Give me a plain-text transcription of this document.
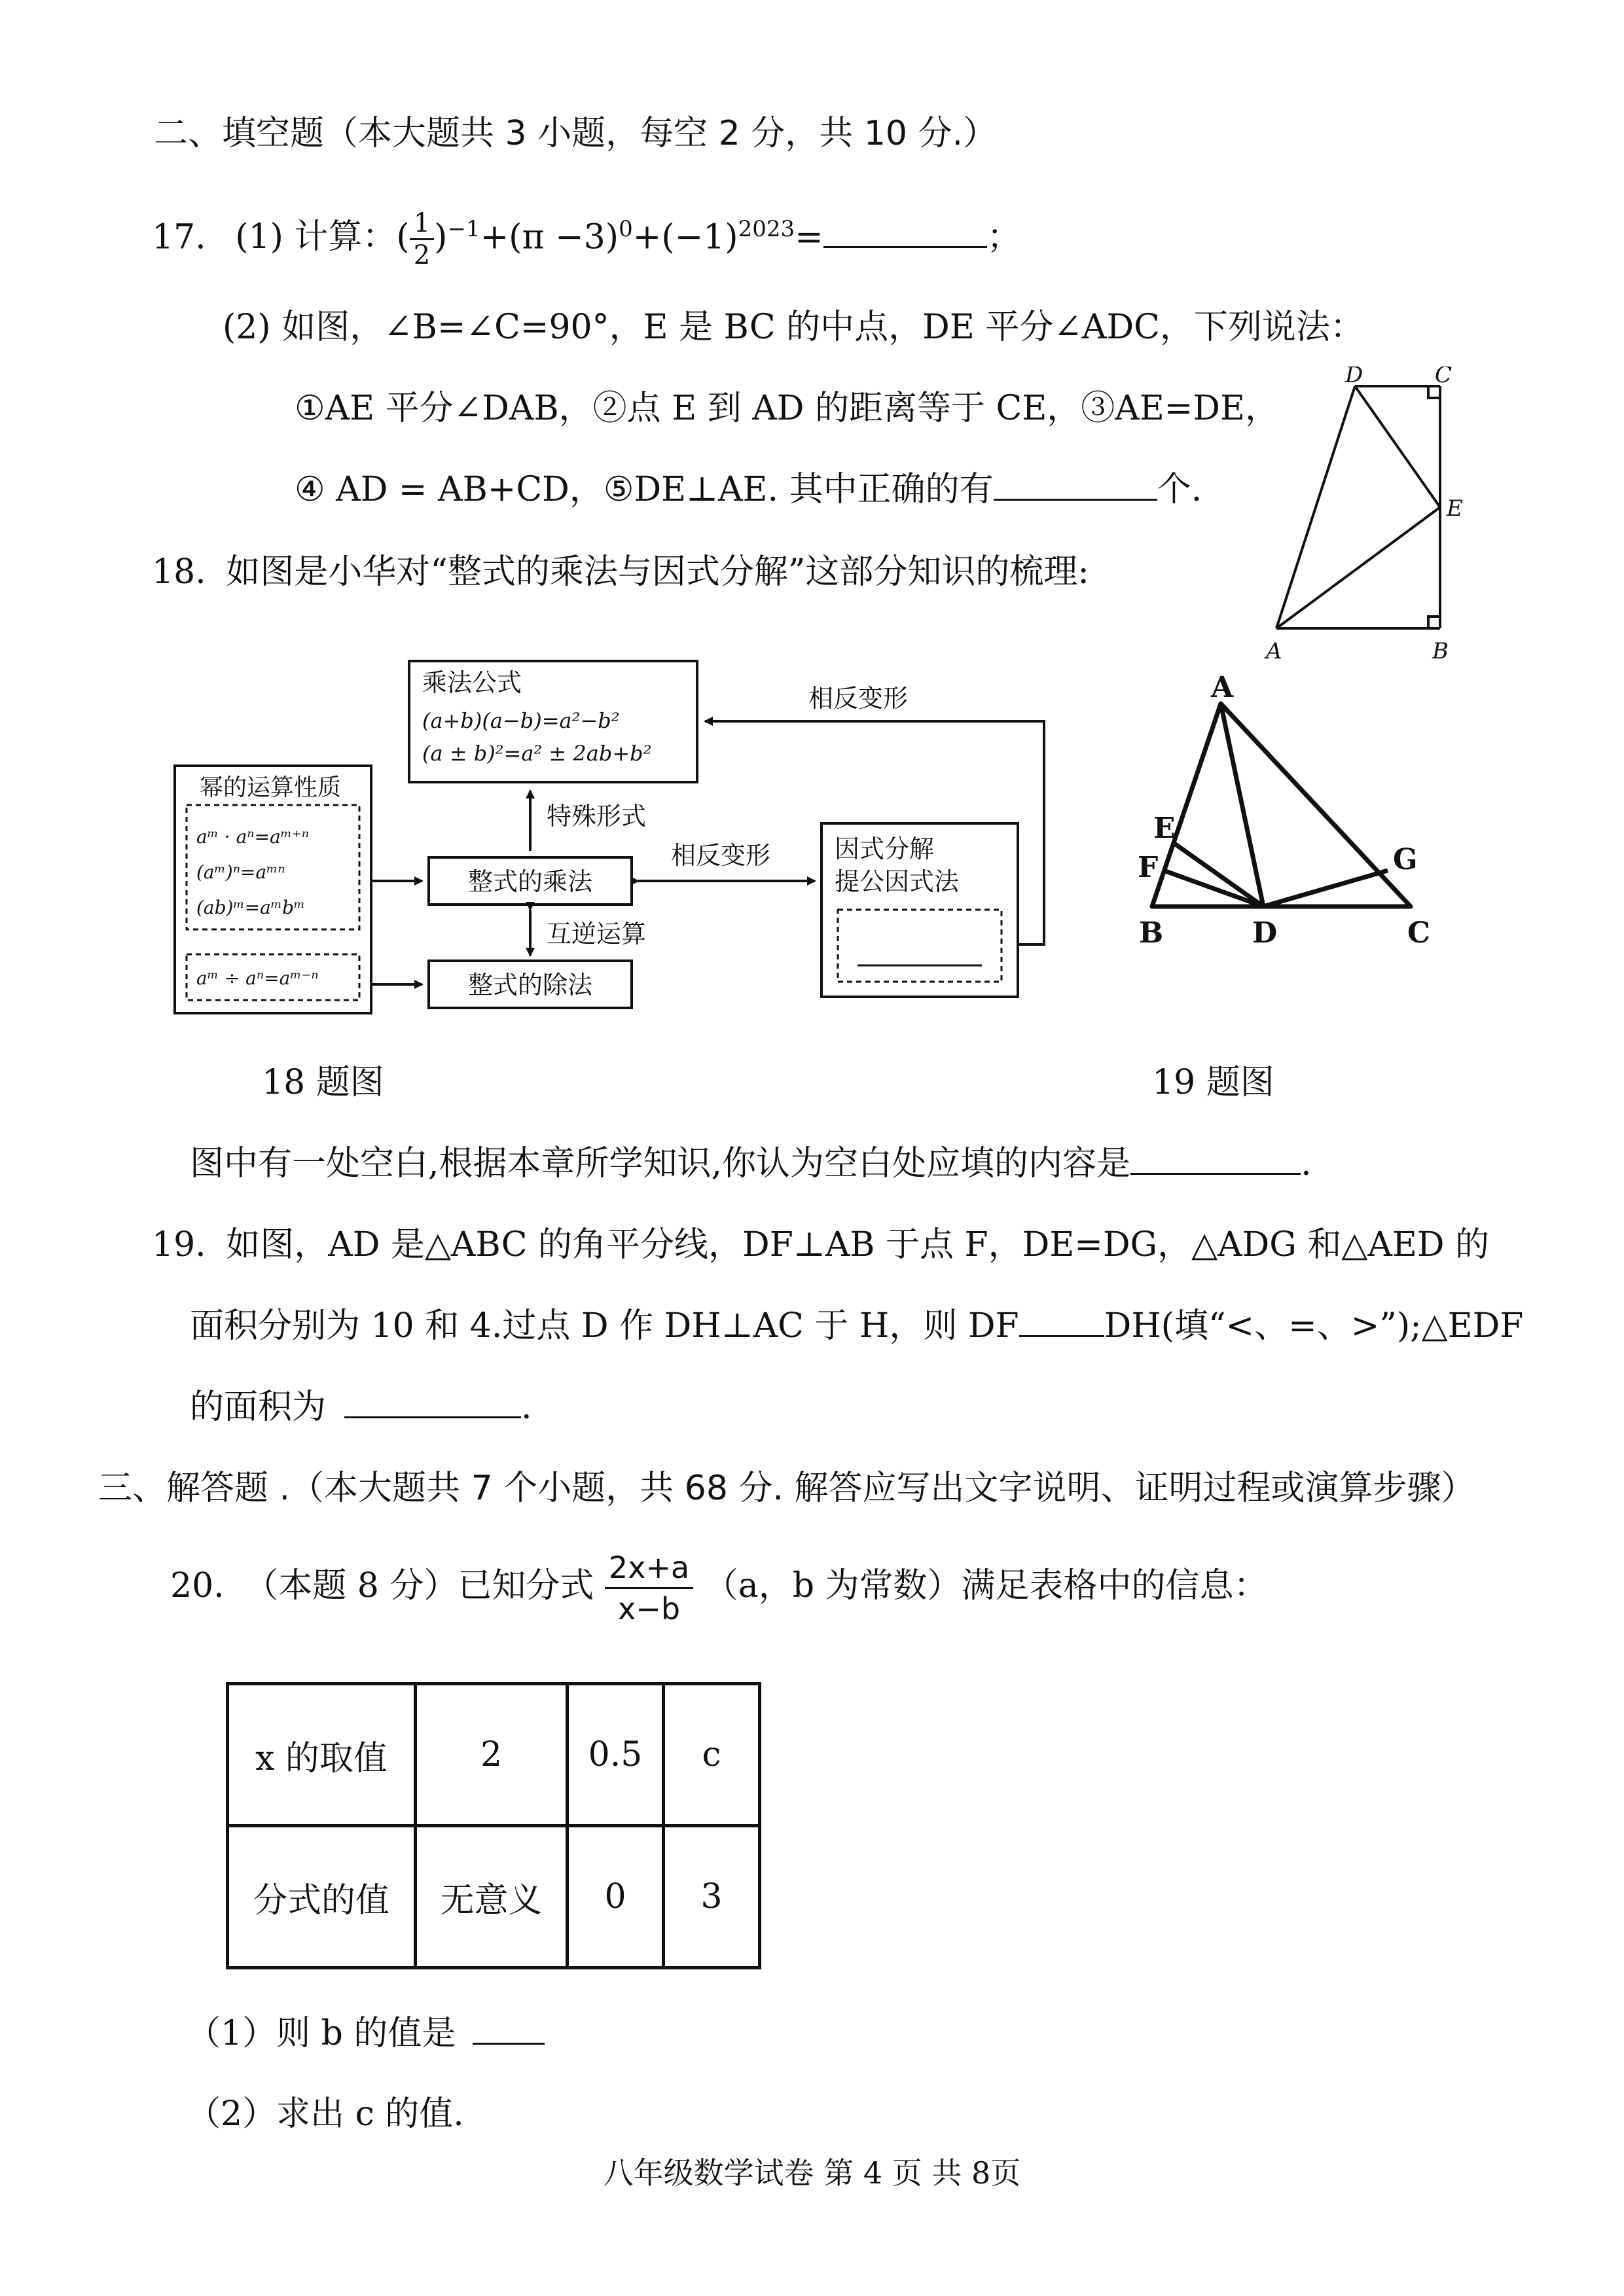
二、填空题（本大题共 3 小题，每空 2 分，共 10 分.）
17. (1) 计算：( $\frac{1}{2} )^{-1}+(\pi -3)^0+(-1)^{2023}=$	；
(2) 如图，∠B=∠C=90°，E 是 BC 的中点，DE 平分∠ADC，下列说法：
①AE 平分∠DAB，②点 E 到 AD 的距离等于 CE，③AE=DE，
④ AD = AB+CD，⑤DE⊥AE. 其中正确的有	个.
D	C
E
A	B
18. 如图是小华对“整式的乘法与因式分解”这部分知识的梳理:
乘法公式
(a+b)(a−b)=a²−b²
(a ± b)²=a² ± 2ab+b²
幂的运算性质
aᵐ · aⁿ=aᵐ⁺ⁿ
(aᵐ)ⁿ=aᵐⁿ
(ab)ᵐ=aᵐbᵐ
aᵐ ÷ aⁿ=aᵐ⁻ⁿ
整式的乘法
整式的除法
因式分解
提公因式法
特殊形式
互逆运算
相反变形
相反变形	A
E
F	G
B	D	C
18 题图	19 题图
图中有一处空白,根据本章所学知识,你认为空白处应填的内容是	.
19. 如图，AD 是△ABC 的角平分线，DF⊥AB 于点 F，DE=DG，△ADG 和△AED 的
面积分别为 10 和 4.过点 D 作 DH⊥AC 于 H，则 DF	DH(填“<、=、>”);△EDF
的面积为	.
三、解答题 .（本大题共 7 个小题，共 68 分. 解答应写出文字说明、证明过程或演算步骤）
20. （本题 8 分）已知分式 $\frac{2x+a}{x-b} (a$，b 为常数）满足表格中的信息：
x 的取值	2	0.5	c
分式的值	无意义	0	3
（1）则 b 的值是
（2）求出 c 的值.
八年级数学试卷 第 4 页 共 8页
